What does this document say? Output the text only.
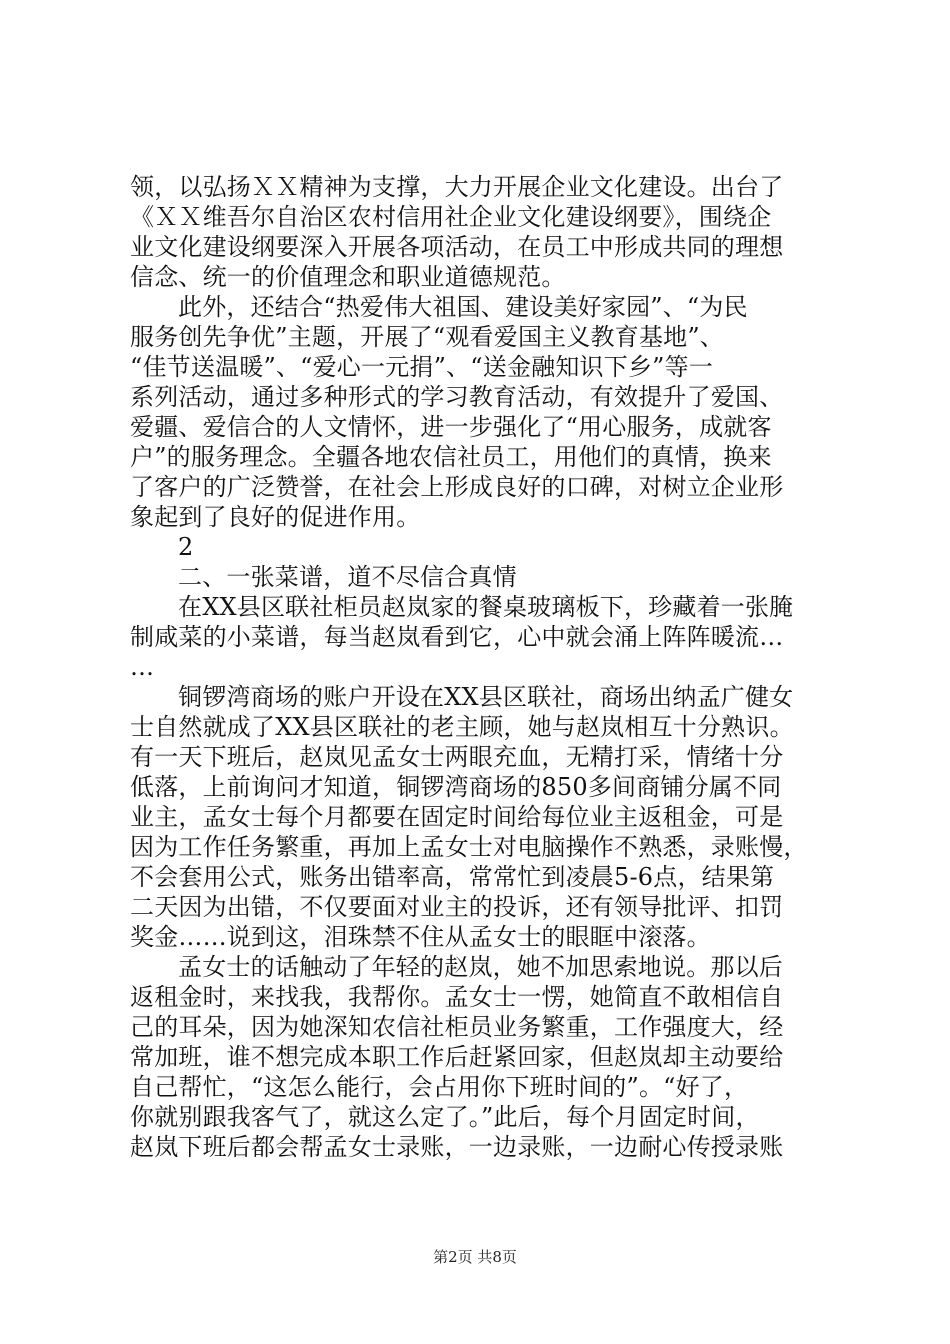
领，以弘扬ＸＸ精神为支撑，大力开展企业文化建设。出台了
《ＸＸ维吾尔自治区农村信用社企业文化建设纲要》，围绕企
业文化建设纲要深入开展各项活动，在员工中形成共同的理想
信念、统一的价值理念和职业道德规范。
此外，还结合“热爱伟大祖国、建设美好家园”、“为民
服务创先争优”主题，开展了“观看爱国主义教育基地”、
“佳节送温暖”、“爱心一元捐”、“送金融知识下乡”等一
系列活动，通过多种形式的学习教育活动，有效提升了爱国、
爱疆、爱信合的人文情怀，进一步强化了“用心服务，成就客
户”的服务理念。全疆各地农信社员工，用他们的真情，换来
了客户的广泛赞誉，在社会上形成良好的口碑，对树立企业形
象起到了良好的促进作用。
2
二、一张菜谱，道不尽信合真情
在XX县区联社柜员赵岚家的餐桌玻璃板下，珍藏着一张腌
制咸菜的小菜谱，每当赵岚看到它，心中就会涌上阵阵暖流…
…
铜锣湾商场的账户开设在XX县区联社，商场出纳孟广健女
士自然就成了XX县区联社的老主顾，她与赵岚相互十分熟识。
有一天下班后，赵岚见孟女士两眼充血，无精打采，情绪十分
低落，上前询问才知道，铜锣湾商场的850多间商铺分属不同
业主，孟女士每个月都要在固定时间给每位业主返租金，可是
因为工作任务繁重，再加上孟女士对电脑操作不熟悉，录账慢，
不会套用公式，账务出错率高，常常忙到凌晨5-6点，结果第
二天因为出错，不仅要面对业主的投诉，还有领导批评、扣罚
奖金……说到这，泪珠禁不住从孟女士的眼眶中滚落。
孟女士的话触动了年轻的赵岚，她不加思索地说。那以后
返租金时，来找我，我帮你。孟女士一愣，她简直不敢相信自
己的耳朵，因为她深知农信社柜员业务繁重，工作强度大，经
常加班，谁不想完成本职工作后赶紧回家，但赵岚却主动要给
自己帮忙，“这怎么能行，会占用你下班时间的”。“好了，
你就别跟我客气了，就这么定了。”此后，每个月固定时间，
赵岚下班后都会帮孟女士录账，一边录账，一边耐心传授录账
第2页 共8页
